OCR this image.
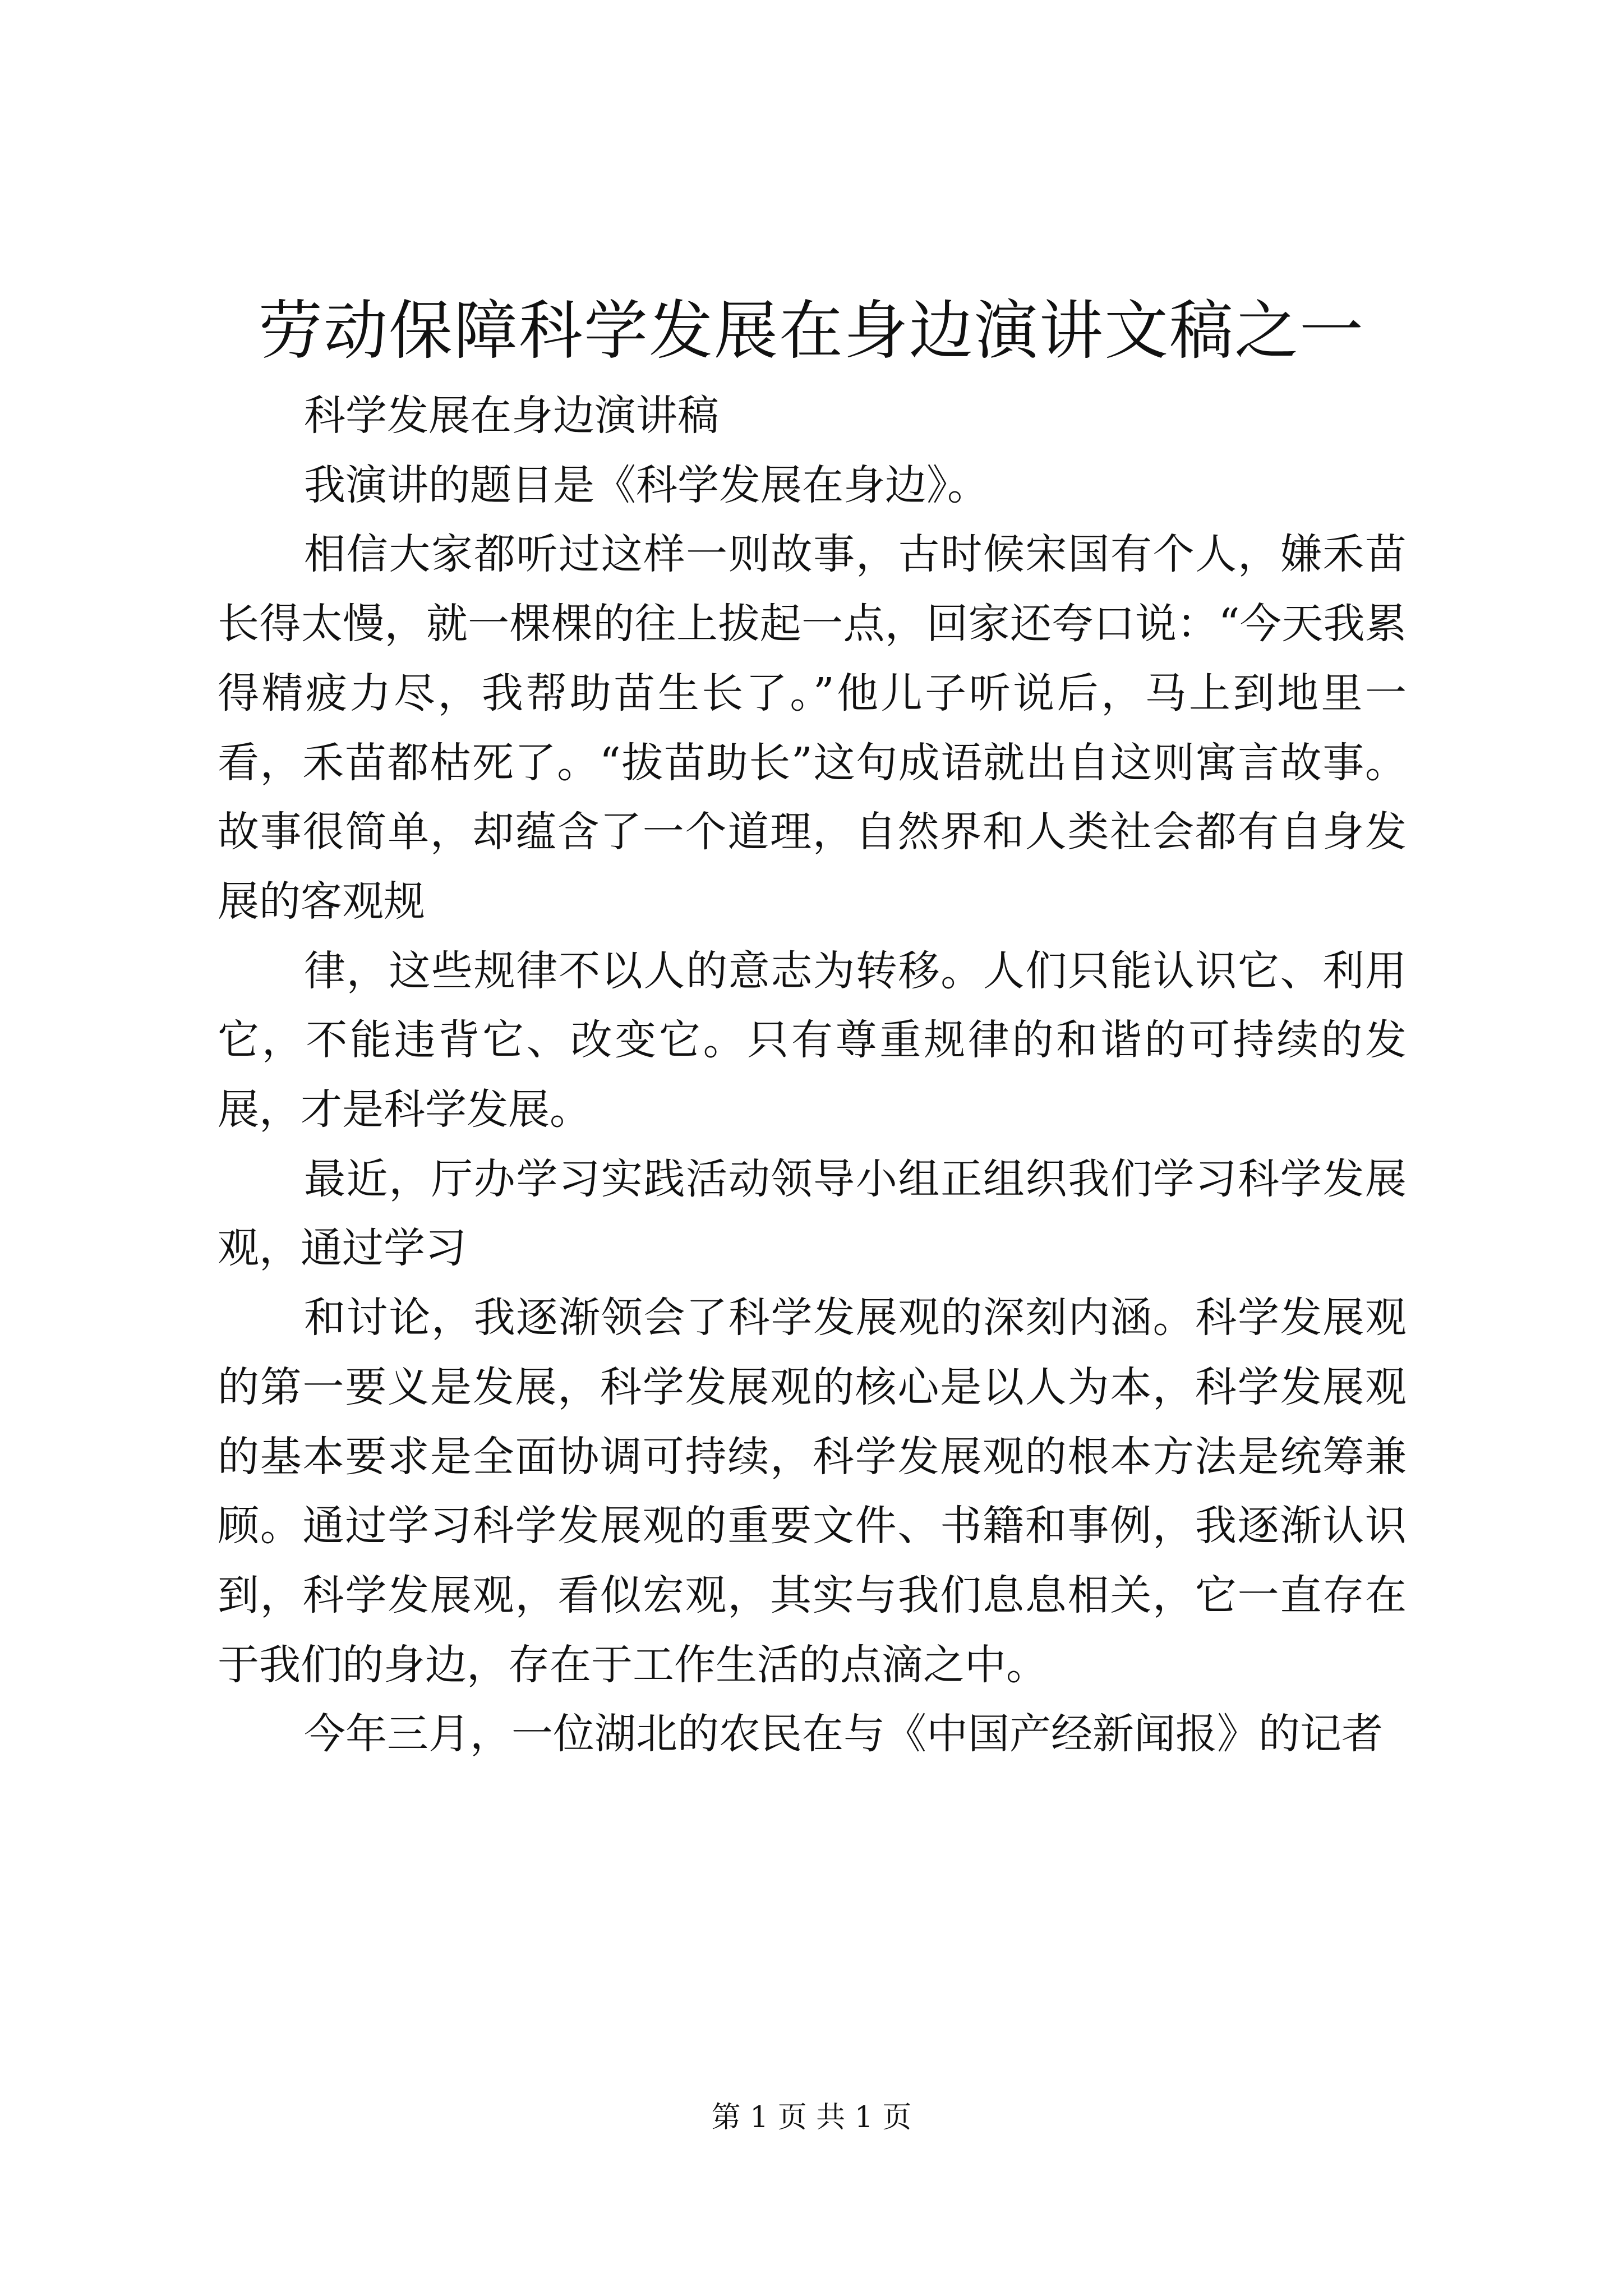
劳动保障科学发展在身边演讲文稿之一

科学发展在身边演讲稿

我演讲的题目是《科学发展在身边》。

相信大家都听过这样一则故事，古时候宋国有个人，嫌禾苗长得太慢，就一棵棵的往上拔起一点，回家还夸口说：“今天我累得精疲力尽，我帮助苗生长了。”他儿子听说后，马上到地里一看，禾苗都枯死了。“拔苗助长”这句成语就出自这则寓言故事。故事很简单，却蕴含了一个道理，自然界和人类社会都有自身发展的客观规

律，这些规律不以人的意志为转移。人们只能认识它、利用它，不能违背它、改变它。只有尊重规律的和谐的可持续的发展，才是科学发展。

最近，厅办学习实践活动领导小组正组织我们学习科学发展观，通过学习

和讨论，我逐渐领会了科学发展观的深刻内涵。科学发展观的第一要义是发展，科学发展观的核心是以人为本，科学发展观的基本要求是全面协调可持续，科学发展观的根本方法是统筹兼顾。通过学习科学发展观的重要文件、书籍和事例，我逐渐认识到，科学发展观，看似宏观，其实与我们息息相关，它一直存在于我们的身边，存在于工作生活的点滴之中。

今年三月，一位湖北的农民在与《中国产经新闻报》的记者

第 1 页 共 1 页
